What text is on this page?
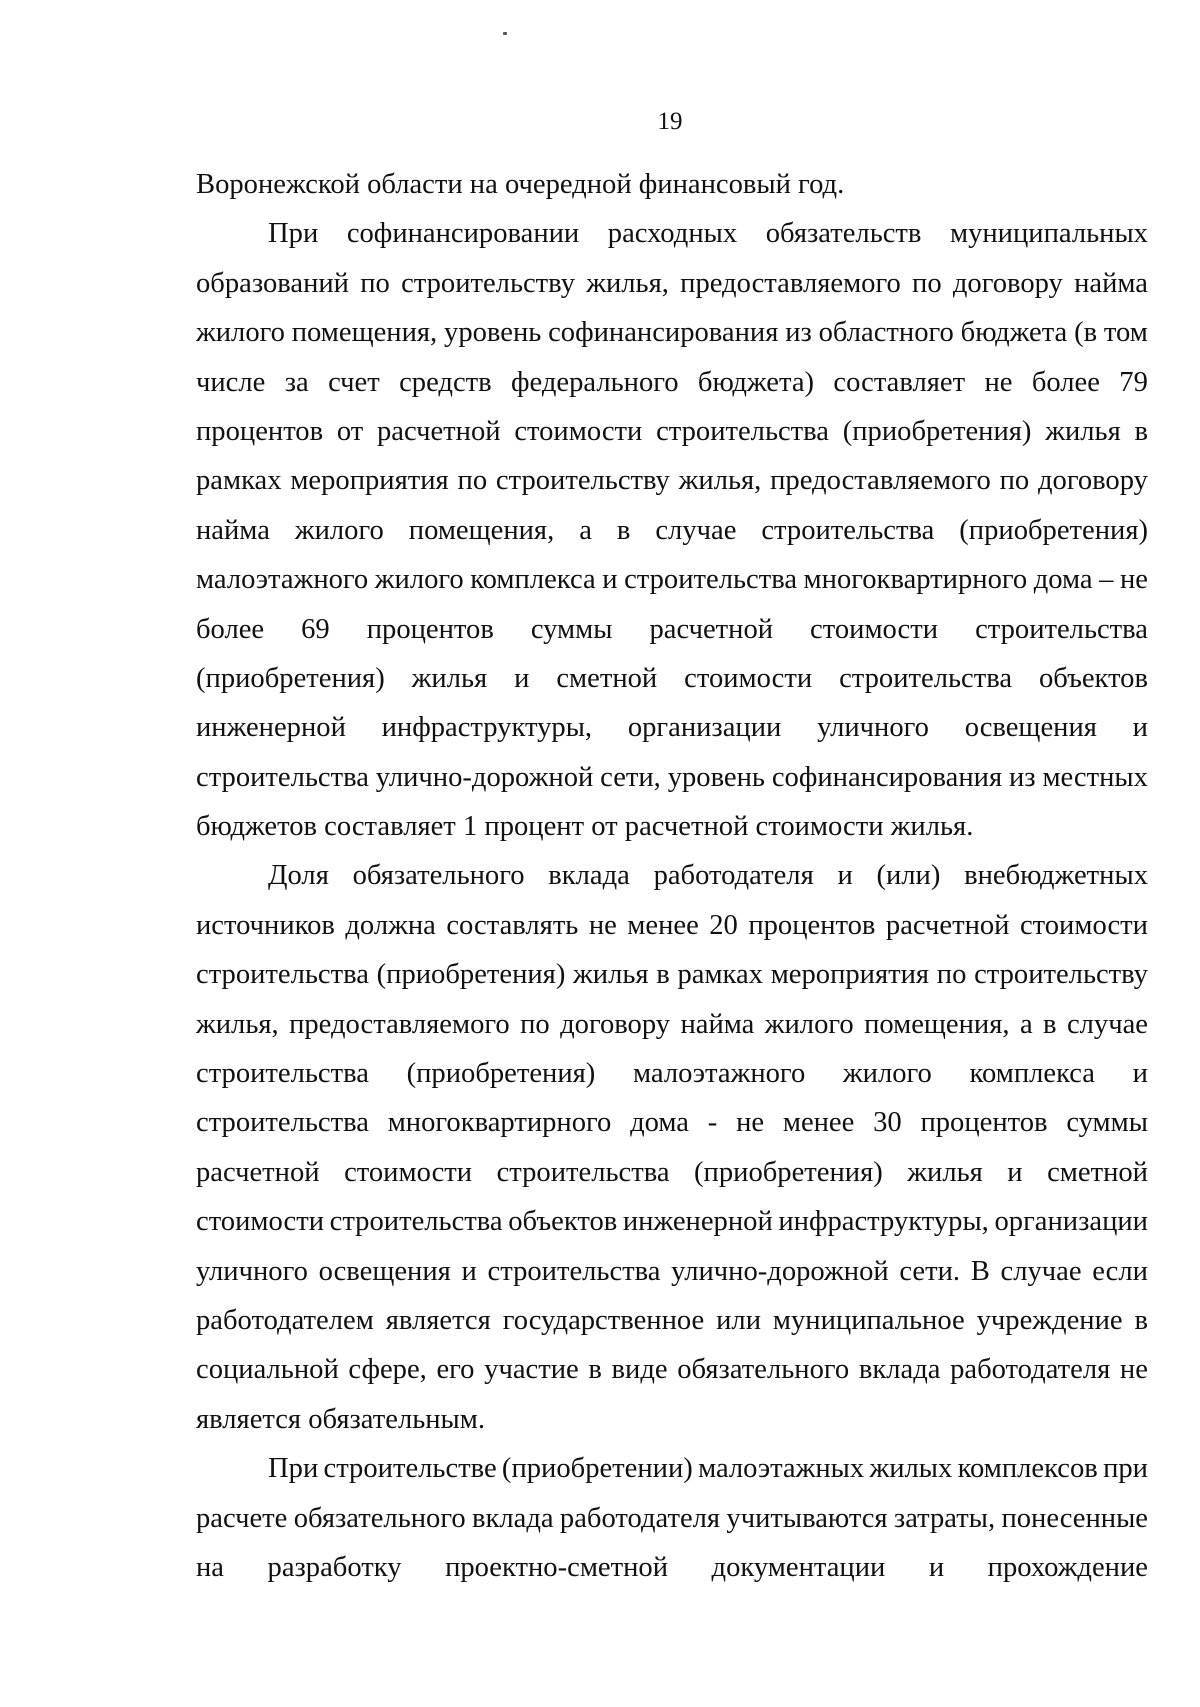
19
Воронежской области на очередной финансовый год.
При софинансировании расходных обязательств муниципальных
образований по строительству жилья, предоставляемого по договору найма
жилого помещения, уровень софинансирования из областного бюджета (в том
числе за счет средств федерального бюджета) составляет не более 79
процентов от расчетной стоимости строительства (приобретения) жилья в
рамках мероприятия по строительству жилья, предоставляемого по договору
найма жилого помещения, а в случае строительства (приобретения)
малоэтажного жилого комплекса и строительства многоквартирного дома – не
более 69 процентов суммы расчетной стоимости строительства
(приобретения) жилья и сметной стоимости строительства объектов
инженерной инфраструктуры, организации уличного освещения и
строительства улично-дорожной сети, уровень софинансирования из местных
бюджетов составляет 1 процент от расчетной стоимости жилья.
Доля обязательного вклада работодателя и (или) внебюджетных
источников должна составлять не менее 20 процентов расчетной стоимости
строительства (приобретения) жилья в рамках мероприятия по строительству
жилья, предоставляемого по договору найма жилого помещения, а в случае
строительства (приобретения) малоэтажного жилого комплекса и
строительства многоквартирного дома - не менее 30 процентов суммы
расчетной стоимости строительства (приобретения) жилья и сметной
стоимости строительства объектов инженерной инфраструктуры, организации
уличного освещения и строительства улично-дорожной сети. В случае если
работодателем является государственное или муниципальное учреждение в
социальной сфере, его участие в виде обязательного вклада работодателя не
является обязательным.
При строительстве (приобретении) малоэтажных жилых комплексов при
расчете обязательного вклада работодателя учитываются затраты, понесенные
на разработку проектно-сметной документации и прохождение
